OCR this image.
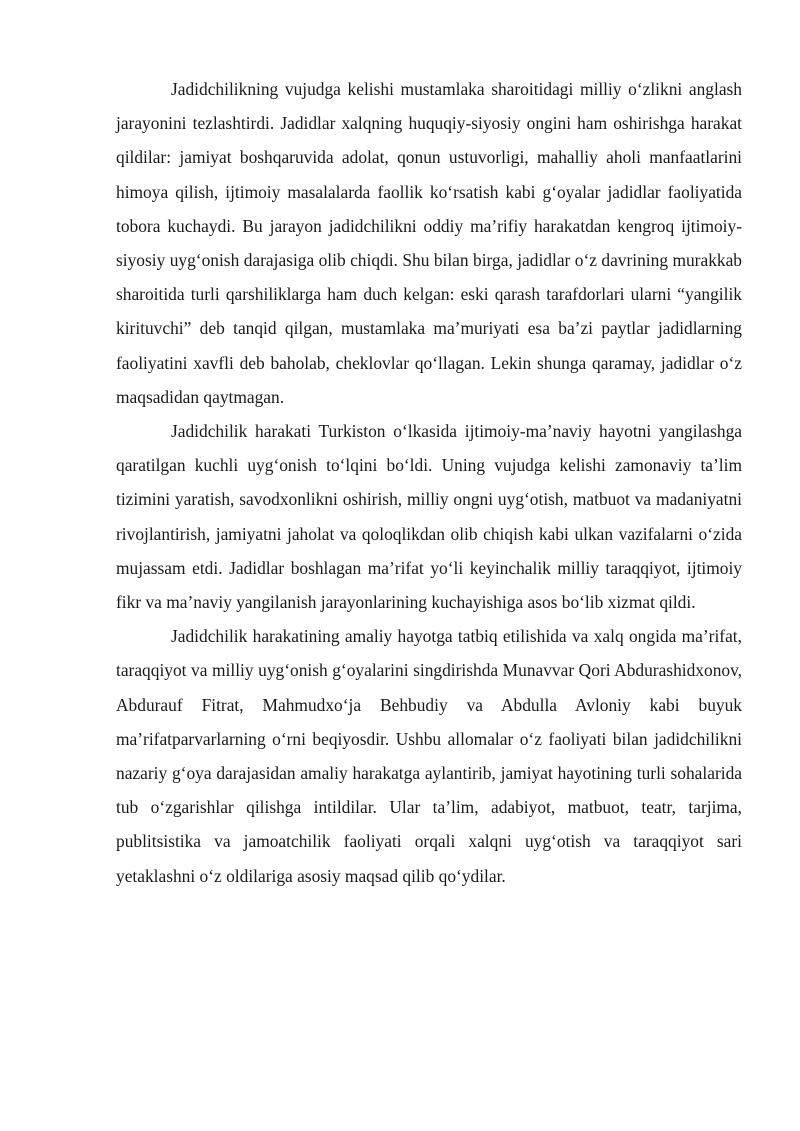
Jadidchilikning vujudga kelishi mustamlaka sharoitidagi milliy o‘zlikni anglash jarayonini tezlashtirdi. Jadidlar xalqning huquqiy-siyosiy ongini ham oshirishga harakat qildilar: jamiyat boshqaruvida adolat, qonun ustuvorligi, mahalliy aholi manfaatlarini himoya qilish, ijtimoiy masalalarda faollik ko‘rsatish kabi g‘oyalar jadidlar faoliyatida tobora kuchaydi. Bu jarayon jadidchilikni oddiy ma’rifiy harakatdan kengroq ijtimoiy-siyosiy uyg‘onish darajasiga olib chiqdi. Shu bilan birga, jadidlar o‘z davrining murakkab sharoitida turli qarshiliklarga ham duch kelgan: eski qarash tarafdorlari ularni “yangilik kirituvchi” deb tanqid qilgan, mustamlaka ma’muriyati esa ba’zi paytlar jadidlarning faoliyatini xavfli deb baholab, cheklovlar qo‘llagan. Lekin shunga qaramay, jadidlar o‘z maqsadidan qaytmagan.

Jadidchilik harakati Turkiston o‘lkasida ijtimoiy-ma’naviy hayotni yangilashga qaratilgan kuchli uyg‘onish to‘lqini bo‘ldi. Uning vujudga kelishi zamonaviy ta’lim tizimini yaratish, savodxonlikni oshirish, milliy ongni uyg‘otish, matbuot va madaniyatni rivojlantirish, jamiyatni jaholat va qoloqlikdan olib chiqish kabi ulkan vazifalarni o‘zida mujassam etdi. Jadidlar boshlagan ma’rifat yo‘li keyinchalik milliy taraqqiyot, ijtimoiy fikr va ma’naviy yangilanish jarayonlarining kuchayishiga asos bo‘lib xizmat qildi.

Jadidchilik harakatining amaliy hayotga tatbiq etilishida va xalq ongida ma’rifat, taraqqiyot va milliy uyg‘onish g‘oyalarini singdirishda Munavvar Qori Abdurashidxonov, Abdurauf Fitrat, Mahmudxo‘ja Behbudiy va Abdulla Avloniy kabi buyuk ma’rifatparvarlarning o‘rni beqiyosdir. Ushbu allomalar o‘z faoliyati bilan jadidchilikni nazariy g‘oya darajasidan amaliy harakatga aylantirib, jamiyat hayotining turli sohalarida tub o‘zgarishlar qilishga intildilar. Ular ta’lim, adabiyot, matbuot, teatr, tarjima, publitsistika va jamoatchilik faoliyati orqali xalqni uyg‘otish va taraqqiyot sari yetaklashni o‘z oldilariga asosiy maqsad qilib qo‘ydilar.
